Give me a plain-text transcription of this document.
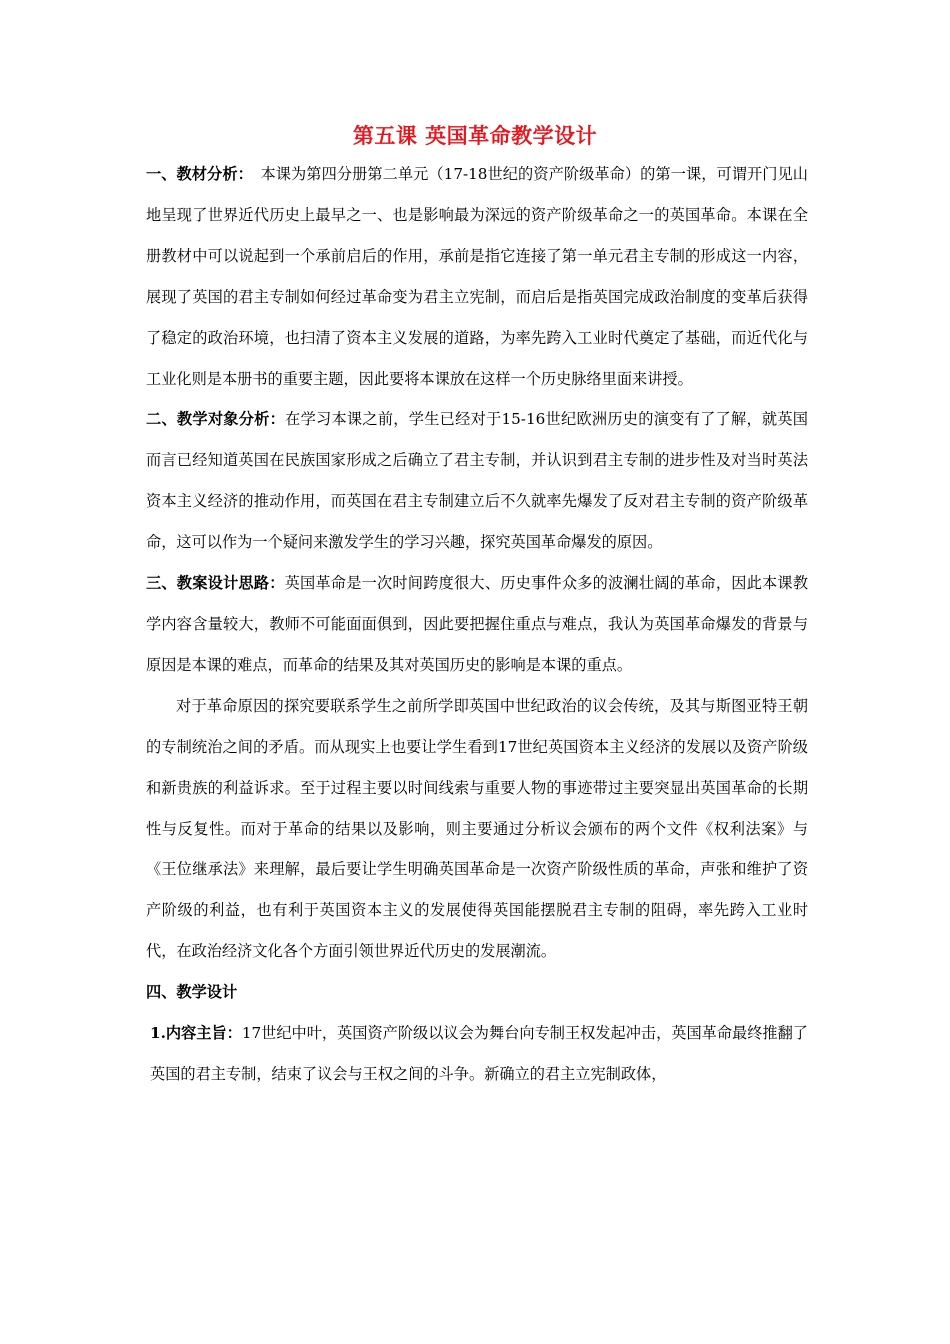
第五课 英国革命教学设计

一、教材分析：　本课为第四分册第二单元（17-18世纪的资产阶级革命）的第一课，可谓开门见山地呈现了世界近代历史上最早之一、也是影响最为深远的资产阶级革命之一的英国革命。本课在全册教材中可以说起到一个承前启后的作用，承前是指它连接了第一单元君主专制的形成这一内容，展现了英国的君主专制如何经过革命变为君主立宪制，而启后是指英国完成政治制度的变革后获得了稳定的政治环境，也扫清了资本主义发展的道路，为率先跨入工业时代奠定了基础，而近代化与工业化则是本册书的重要主题，因此要将本课放在这样一个历史脉络里面来讲授。

二、教学对象分析：在学习本课之前，学生已经对于15-16世纪欧洲历史的演变有了了解，就英国而言已经知道英国在民族国家形成之后确立了君主专制，并认识到君主专制的进步性及对当时英法资本主义经济的推动作用，而英国在君主专制建立后不久就率先爆发了反对君主专制的资产阶级革命，这可以作为一个疑问来激发学生的学习兴趣，探究英国革命爆发的原因。

三、教案设计思路：英国革命是一次时间跨度很大、历史事件众多的波澜壮阔的革命，因此本课教学内容含量较大，教师不可能面面俱到，因此要把握住重点与难点，我认为英国革命爆发的背景与原因是本课的难点，而革命的结果及其对英国历史的影响是本课的重点。

对于革命原因的探究要联系学生之前所学即英国中世纪政治的议会传统，及其与斯图亚特王朝的专制统治之间的矛盾。而从现实上也要让学生看到17世纪英国资本主义经济的发展以及资产阶级和新贵族的利益诉求。至于过程主要以时间线索与重要人物的事迹带过主要突显出英国革命的长期性与反复性。而对于革命的结果以及影响，则主要通过分析议会颁布的两个文件《权利法案》与《王位继承法》来理解，最后要让学生明确英国革命是一次资产阶级性质的革命，声张和维护了资产阶级的利益，也有利于英国资本主义的发展使得英国能摆脱君主专制的阻碍，率先跨入工业时代，在政治经济文化各个方面引领世界近代历史的发展潮流。

四、教学设计

1.内容主旨：17世纪中叶，英国资产阶级以议会为舞台向专制王权发起冲击，英国革命最终推翻了英国的君主专制，结束了议会与王权之间的斗争。新确立的君主立宪制政体，
